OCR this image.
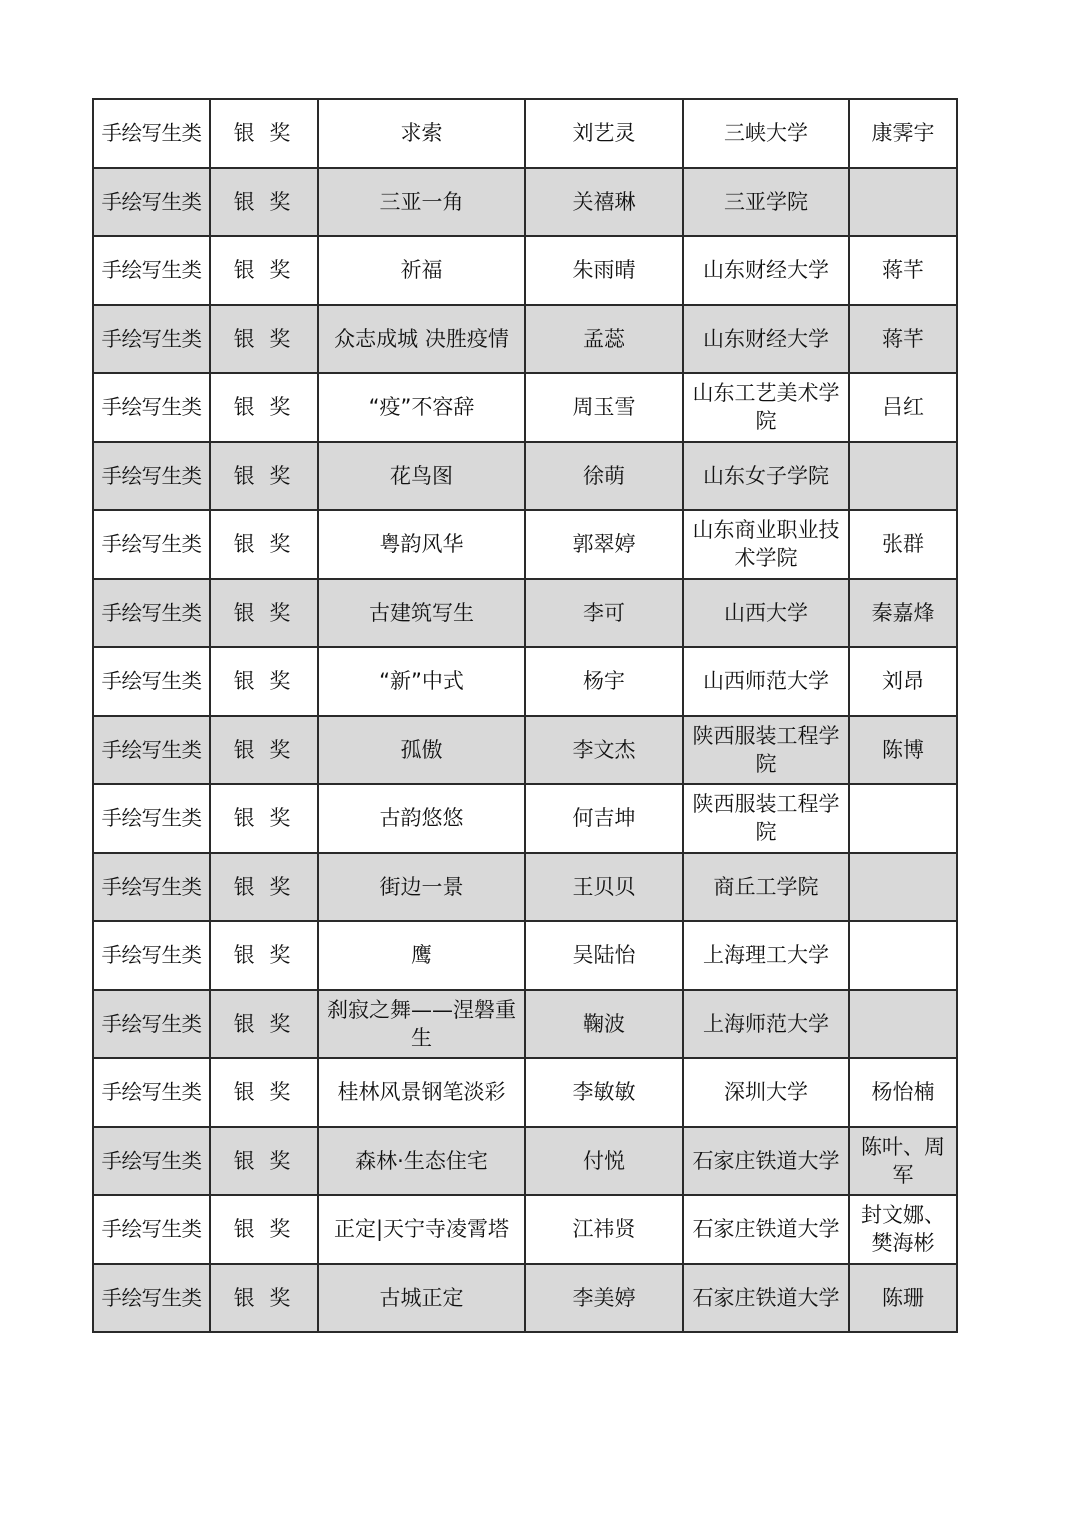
手绘写生类	银 奖	求索	刘艺灵	三峡大学	康霁宇
手绘写生类	银 奖	三亚一角	关禧琳	三亚学院	
手绘写生类	银 奖	祈福	朱雨晴	山东财经大学	蒋芊
手绘写生类	银 奖	众志成城 决胜疫情	孟蕊	山东财经大学	蒋芊
手绘写生类	银 奖	“疫”不容辞	周玉雪	山东工艺美术学院	吕红
手绘写生类	银 奖	花鸟图	徐萌	山东女子学院	
手绘写生类	银 奖	粤韵风华	郭翠婷	山东商业职业技术学院	张群
手绘写生类	银 奖	古建筑写生	李可	山西大学	秦嘉烽
手绘写生类	银 奖	“新”中式	杨宇	山西师范大学	刘昂
手绘写生类	银 奖	孤傲	李文杰	陕西服装工程学院	陈博
手绘写生类	银 奖	古韵悠悠	何吉坤	陕西服装工程学院	
手绘写生类	银 奖	街边一景	王贝贝	商丘工学院	
手绘写生类	银 奖	鹰	吴陆怡	上海理工大学	
手绘写生类	银 奖	刹寂之舞——涅磐重生	鞠波	上海师范大学	
手绘写生类	银 奖	桂林风景钢笔淡彩	李敏敏	深圳大学	杨怡楠
手绘写生类	银 奖	森林·生态住宅	付悦	石家庄铁道大学	陈叶、周军
手绘写生类	银 奖	正定|天宁寺凌霄塔	江祎贤	石家庄铁道大学	封文娜、樊海彬
手绘写生类	银 奖	古城正定	李美婷	石家庄铁道大学	陈珊
